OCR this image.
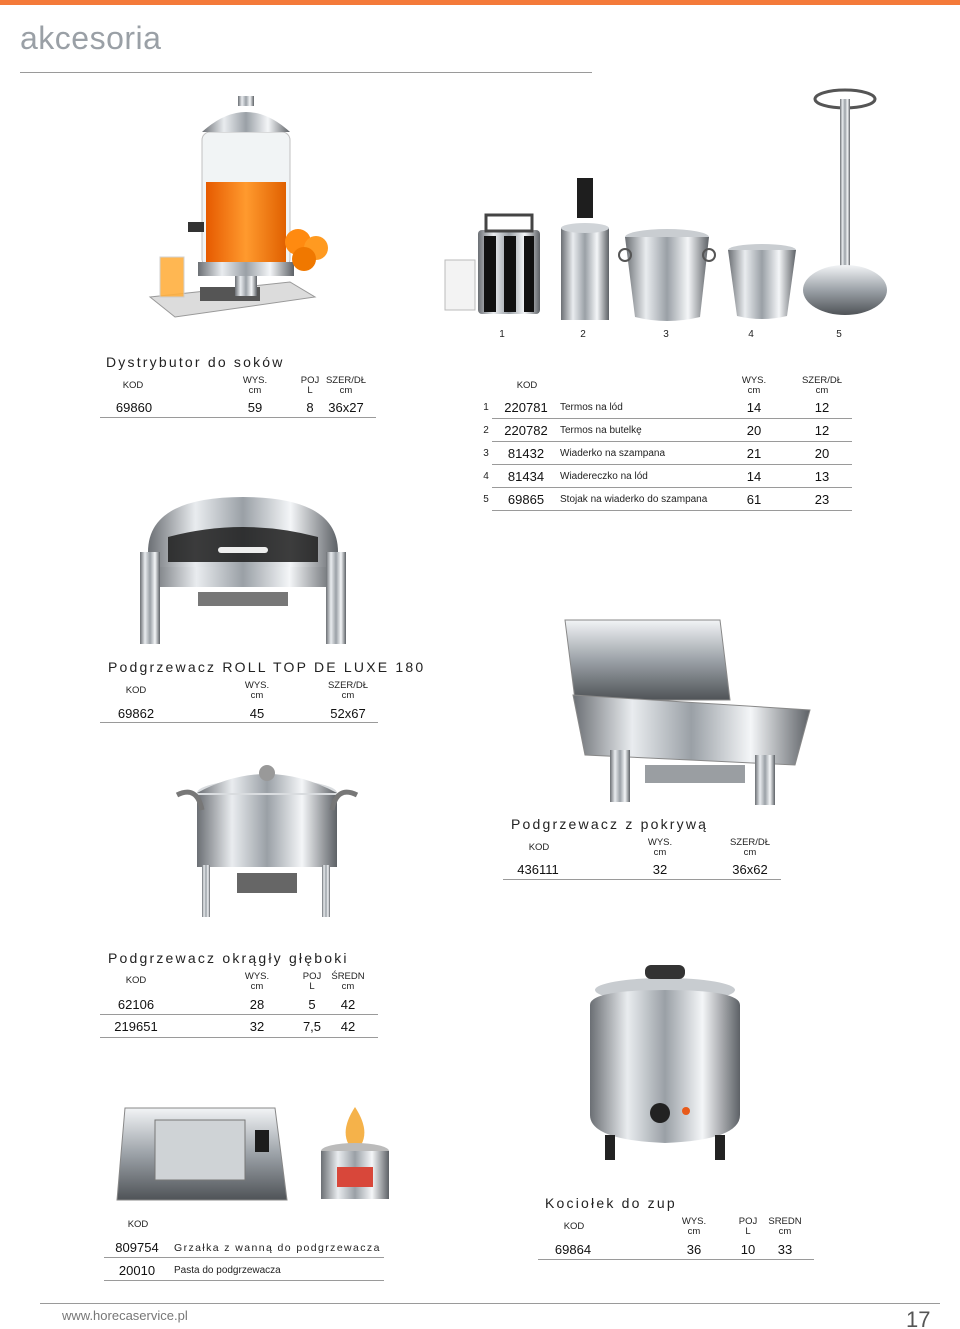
akcesoria
Dystrybutor do soków
KOD	WYS.
cm
POJ
L
SZER/DŁ
cm
69860	59	8	36x27
1	2	3	4	5
KOD	WYS.
cm
SZER/DŁ
cm
1	220781	Termos na lód	14	12
2	220782	Termos na butelkę	20	12
3	81432	Wiaderko na szampana	21	20
4	81434	Wiadereczko na lód	14	13
5	69865	Stojak na wiaderko do szampana	61	23
Podgrzewacz ROLL TOP DE LUXE 180
KOD	WYS.
cm
SZER/DŁ
cm
69862	45	52x67
Podgrzewacz z pokrywą
KOD	WYS.
cm
SZER/DŁ
cm
436111	32	36x62
Podgrzewacz okrągły głęboki
KOD	WYS.
cm
POJ
L
ŚREDN
cm
62106	28	5	42
219651	32	7,5	42
KOD
809754	Grzałka z wanną do podgrzewacza
20010	Pasta do podgrzewacza
Kociołek do zup
KOD	WYS.
cm
POJ
L
SREDN
cm
69864	36	10	33
www.horecaservice.pl	17
